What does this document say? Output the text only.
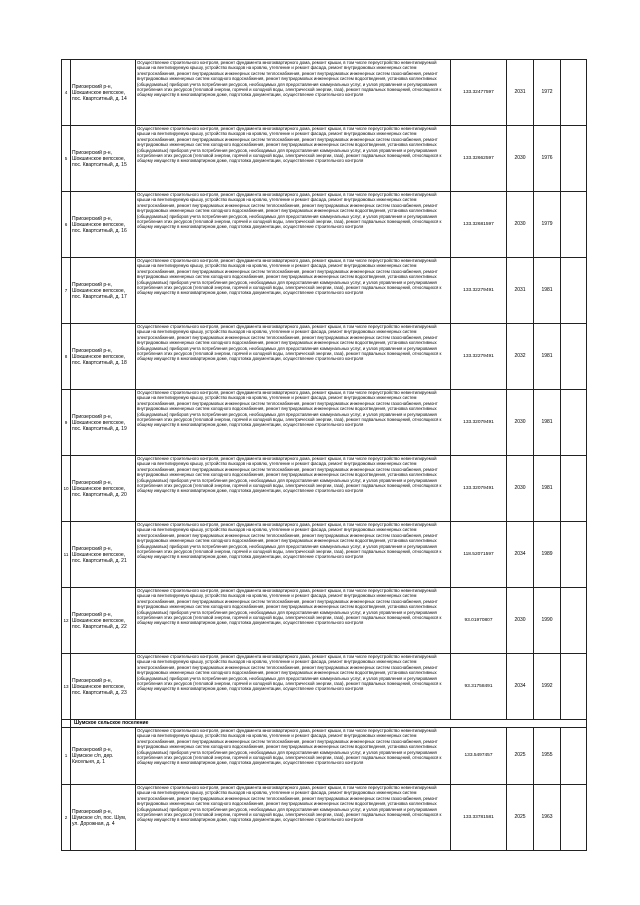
4	Приозерский р-н, Шокшинское вепсское, пос. Квартситный, д. 14	Осуществление строительного контроля, ремонт фундамента многоквартирного дома, ремонт крыши, в том числе переустройство невентилируемой крыши на вентилируемую крышу, устройство выходов на кровлю, утепление и ремонт фасада, ремонт внутридомовых инженерных систем электроснабжения, ремонт внутридомовых инженерных систем теплоснабжения, ремонт внутридомовых инженерных систем газоснабжения, ремонт внутридомовых инженерных систем холодного водоснабжения, ремонт внутридомовых инженерных систем водоотведения, установка коллективных (общедомовых) приборов учета потребления ресурсов, необходимых для предоставления коммунальных услуг, и узлов управления и регулирования потребления этих ресурсов (тепловой энергии, горячей и холодной воды, электрической энергии, газа), ремонт подвальных помещений, относящихся к общему имуществу в многоквартирном доме, подготовка документации, осуществление строительного контроля	133.32477597	2031	1972	
5	Приозерский р-н, Шокшинское вепсское, пос. Квартситный, д. 15	Осуществление строительного контроля, ремонт фундамента многоквартирного дома, ремонт крыши, в том числе переустройство невентилируемой крыши на вентилируемую крышу, устройство выходов на кровлю, утепление и ремонт фасада, ремонт внутридомовых инженерных систем электроснабжения, ремонт внутридомовых инженерных систем теплоснабжения, ремонт внутридомовых инженерных систем газоснабжения, ремонт внутридомовых инженерных систем холодного водоснабжения, ремонт внутридомовых инженерных систем водоотведения, установка коллективных (общедомовых) приборов учета потребления ресурсов, необходимых для предоставления коммунальных услуг, и узлов управления и регулирования потребления этих ресурсов (тепловой энергии, горячей и холодной воды, электрической энергии, газа), ремонт подвальных помещений, относящихся к общему имуществу в многоквартирном доме, подготовка документации, осуществление строительного контроля	133.32662597	2030	1976	
6	Приозерский р-н, Шокшинское вепсское, пос. Квартситный, д. 16	Осуществление строительного контроля, ремонт фундамента многоквартирного дома, ремонт крыши, в том числе переустройство невентилируемой крыши на вентилируемую крышу, устройство выходов на кровлю, утепление и ремонт фасада, ремонт внутридомовых инженерных систем электроснабжения, ремонт внутридомовых инженерных систем теплоснабжения, ремонт внутридомовых инженерных систем газоснабжения, ремонт внутридомовых инженерных систем холодного водоснабжения, ремонт внутридомовых инженерных систем водоотведения, установка коллективных (общедомовых) приборов учета потребления ресурсов, необходимых для предоставления коммунальных услуг, и узлов управления и регулирования потребления этих ресурсов (тепловой энергии, горячей и холодной воды, электрической энергии, газа), ремонт подвальных помещений, относящихся к общему имуществу в многоквартирном доме, подготовка документации, осуществление строительного контроля	133.32681597	2030	1979	
7	Приозерский р-н, Шокшинское вепсское, пос. Квартситный, д. 17	Осуществление строительного контроля, ремонт фундамента многоквартирного дома, ремонт крыши, в том числе переустройство невентилируемой крыши на вентилируемую крышу, устройство выходов на кровлю, утепление и ремонт фасада, ремонт внутридомовых инженерных систем электроснабжения, ремонт внутридомовых инженерных систем теплоснабжения, ремонт внутридомовых инженерных систем газоснабжения, ремонт внутридомовых инженерных систем холодного водоснабжения, ремонт внутридомовых инженерных систем водоотведения, установка коллективных (общедомовых) приборов учета потребления ресурсов, необходимых для предоставления коммунальных услуг, и узлов управления и регулирования потребления этих ресурсов (тепловой энергии, горячей и холодной воды, электрической энергии, газа), ремонт подвальных помещений, относящихся к общему имуществу в многоквартирном доме, подготовка документации, осуществление строительного контроля	133.32279491	2031	1981	
8	Приозерский р-н, Шокшинское вепсское, пос. Квартситный, д. 18	Осуществление строительного контроля, ремонт фундамента многоквартирного дома, ремонт крыши, в том числе переустройство невентилируемой крыши на вентилируемую крышу, устройство выходов на кровлю, утепление и ремонт фасада, ремонт внутридомовых инженерных систем электроснабжения, ремонт внутридомовых инженерных систем теплоснабжения, ремонт внутридомовых инженерных систем газоснабжения, ремонт внутридомовых инженерных систем холодного водоснабжения, ремонт внутридомовых инженерных систем водоотведения, установка коллективных (общедомовых) приборов учета потребления ресурсов, необходимых для предоставления коммунальных услуг, и узлов управления и регулирования потребления этих ресурсов (тепловой энергии, горячей и холодной воды, электрической энергии, газа), ремонт подвальных помещений, относящихся к общему имуществу в многоквартирном доме, подготовка документации, осуществление строительного контроля	133.32279491	2032	1981	
9	Приозерский р-н, Шокшинское вепсское, пос. Квартситный, д. 19	Осуществление строительного контроля, ремонт фундамента многоквартирного дома, ремонт крыши, в том числе переустройство невентилируемой крыши на вентилируемую крышу, устройство выходов на кровлю, утепление и ремонт фасада, ремонт внутридомовых инженерных систем электроснабжения, ремонт внутридомовых инженерных систем теплоснабжения, ремонт внутридомовых инженерных систем газоснабжения, ремонт внутридомовых инженерных систем холодного водоснабжения, ремонт внутридомовых инженерных систем водоотведения, установка коллективных (общедомовых) приборов учета потребления ресурсов, необходимых для предоставления коммунальных услуг, и узлов управления и регулирования потребления этих ресурсов (тепловой энергии, горячей и холодной воды, электрической энергии, газа), ремонт подвальных помещений, относящихся к общему имуществу в многоквартирном доме, подготовка документации, осуществление строительного контроля	133.32079491	2030	1981	
10	Приозерский р-н, Шокшинское вепсское, пос. Квартситный, д. 20	Осуществление строительного контроля, ремонт фундамента многоквартирного дома, ремонт крыши, в том числе переустройство невентилируемой крыши на вентилируемую крышу, устройство выходов на кровлю, утепление и ремонт фасада, ремонт внутридомовых инженерных систем электроснабжения, ремонт внутридомовых инженерных систем теплоснабжения, ремонт внутридомовых инженерных систем газоснабжения, ремонт внутридомовых инженерных систем холодного водоснабжения, ремонт внутридомовых инженерных систем водоотведения, установка коллективных (общедомовых) приборов учета потребления ресурсов, необходимых для предоставления коммунальных услуг, и узлов управления и регулирования потребления этих ресурсов (тепловой энергии, горячей и холодной воды, электрической энергии, газа), ремонт подвальных помещений, относящихся к общему имуществу в многоквартирном доме, подготовка документации, осуществление строительного контроля	133.32079491	2030	1981	
11	Приозерский р-н, Шокшинское вепсское, пос. Квартситный, д. 21	Осуществление строительного контроля, ремонт фундамента многоквартирного дома, ремонт крыши, в том числе переустройство невентилируемой крыши на вентилируемую крышу, устройство выходов на кровлю, утепление и ремонт фасада, ремонт внутридомовых инженерных систем электроснабжения, ремонт внутридомовых инженерных систем теплоснабжения, ремонт внутридомовых инженерных систем газоснабжения, ремонт внутридомовых инженерных систем холодного водоснабжения, ремонт внутридомовых инженерных систем водоотведения, установка коллективных (общедомовых) приборов учета потребления ресурсов, необходимых для предоставления коммунальных услуг, и узлов управления и регулирования потребления этих ресурсов (тепловой энергии, горячей и холодной воды, электрической энергии, газа), ремонт подвальных помещений, относящихся к общему имуществу в многоквартирном доме, подготовка документации, осуществление строительного контроля	118.52071597	2034	1989	
12	Приозерский р-н, Шокшинское вепсское, пос. Квартситный, д. 22	Осуществление строительного контроля, ремонт фундамента многоквартирного дома, ремонт крыши, в том числе переустройство невентилируемой крыши на вентилируемую крышу, устройство выходов на кровлю, утепление и ремонт фасада, ремонт внутридомовых инженерных систем электроснабжения, ремонт внутридомовых инженерных систем теплоснабжения, ремонт внутридомовых инженерных систем газоснабжения, ремонт внутридомовых инженерных систем холодного водоснабжения, ремонт внутридомовых инженерных систем водоотведения, установка коллективных (общедомовых) приборов учета потребления ресурсов, необходимых для предоставления коммунальных услуг, и узлов управления и регулирования потребления этих ресурсов (тепловой энергии, горячей и холодной воды, электрической энергии, газа), ремонт подвальных помещений, относящихся к общему имуществу в многоквартирном доме, подготовка документации, осуществление строительного контроля	93.01970807	2030	1990	
13	Приозерский р-н, Шокшинское вепсское, пос. Квартситный, д. 23	Осуществление строительного контроля, ремонт фундамента многоквартирного дома, ремонт крыши, в том числе переустройство невентилируемой крыши на вентилируемую крышу, устройство выходов на кровлю, утепление и ремонт фасада, ремонт внутридомовых инженерных систем электроснабжения, ремонт внутридомовых инженерных систем теплоснабжения, ремонт внутридомовых инженерных систем газоснабжения, ремонт внутридомовых инженерных систем холодного водоснабжения, ремонт внутридомовых инженерных систем водоотведения, установка коллективных (общедомовых) приборов учета потребления ресурсов, необходимых для предоставления коммунальных услуг, и узлов управления и регулирования потребления этих ресурсов (тепловой энергии, горячей и холодной воды, электрической энергии, газа), ремонт подвальных помещений, относящихся к общему имуществу в многоквартирном доме, подготовка документации, осуществление строительного контроля	93.31758491	2034	1992	
	Шумское сельское поселение					
1	Приозерский р-н, Шумское с/п, дер. Кисельня, д. 1	Осуществление строительного контроля, ремонт фундамента многоквартирного дома, ремонт крыши, в том числе переустройство невентилируемой крыши на вентилируемую крышу, устройство выходов на кровлю, утепление и ремонт фасада, ремонт внутридомовых инженерных систем электроснабжения, ремонт внутридомовых инженерных систем теплоснабжения, ремонт внутридомовых инженерных систем газоснабжения, ремонт внутридомовых инженерных систем холодного водоснабжения, ремонт внутридомовых инженерных систем водоотведения, установка коллективных (общедомовых) приборов учета потребления ресурсов, необходимых для предоставления коммунальных услуг, и узлов управления и регулирования потребления этих ресурсов (тепловой энергии, горячей и холодной воды, электрической энергии, газа), ремонт подвальных помещений, относящихся к общему имуществу в многоквартирном доме, подготовка документации, осуществление строительного контроля	133.5497457	2025	1955	
2	Приозерский р-н, Шумское с/п, пос. Шум, ул. Дорожная, д. 4	Осуществление строительного контроля, ремонт фундамента многоквартирного дома, ремонт крыши, в том числе переустройство невентилируемой крыши на вентилируемую крышу, устройство выходов на кровлю, утепление и ремонт фасада, ремонт внутридомовых инженерных систем электроснабжения, ремонт внутридомовых инженерных систем теплоснабжения, ремонт внутридомовых инженерных систем газоснабжения, ремонт внутридомовых инженерных систем холодного водоснабжения, ремонт внутридомовых инженерных систем водоотведения, установка коллективных (общедомовых) приборов учета потребления ресурсов, необходимых для предоставления коммунальных услуг, и узлов управления и регулирования потребления этих ресурсов (тепловой энергии, горячей и холодной воды, электрической энергии, газа), ремонт подвальных помещений, относящихся к общему имуществу в многоквартирном доме, подготовка документации, осуществление строительного контроля	133.33781581	2025	1963	
